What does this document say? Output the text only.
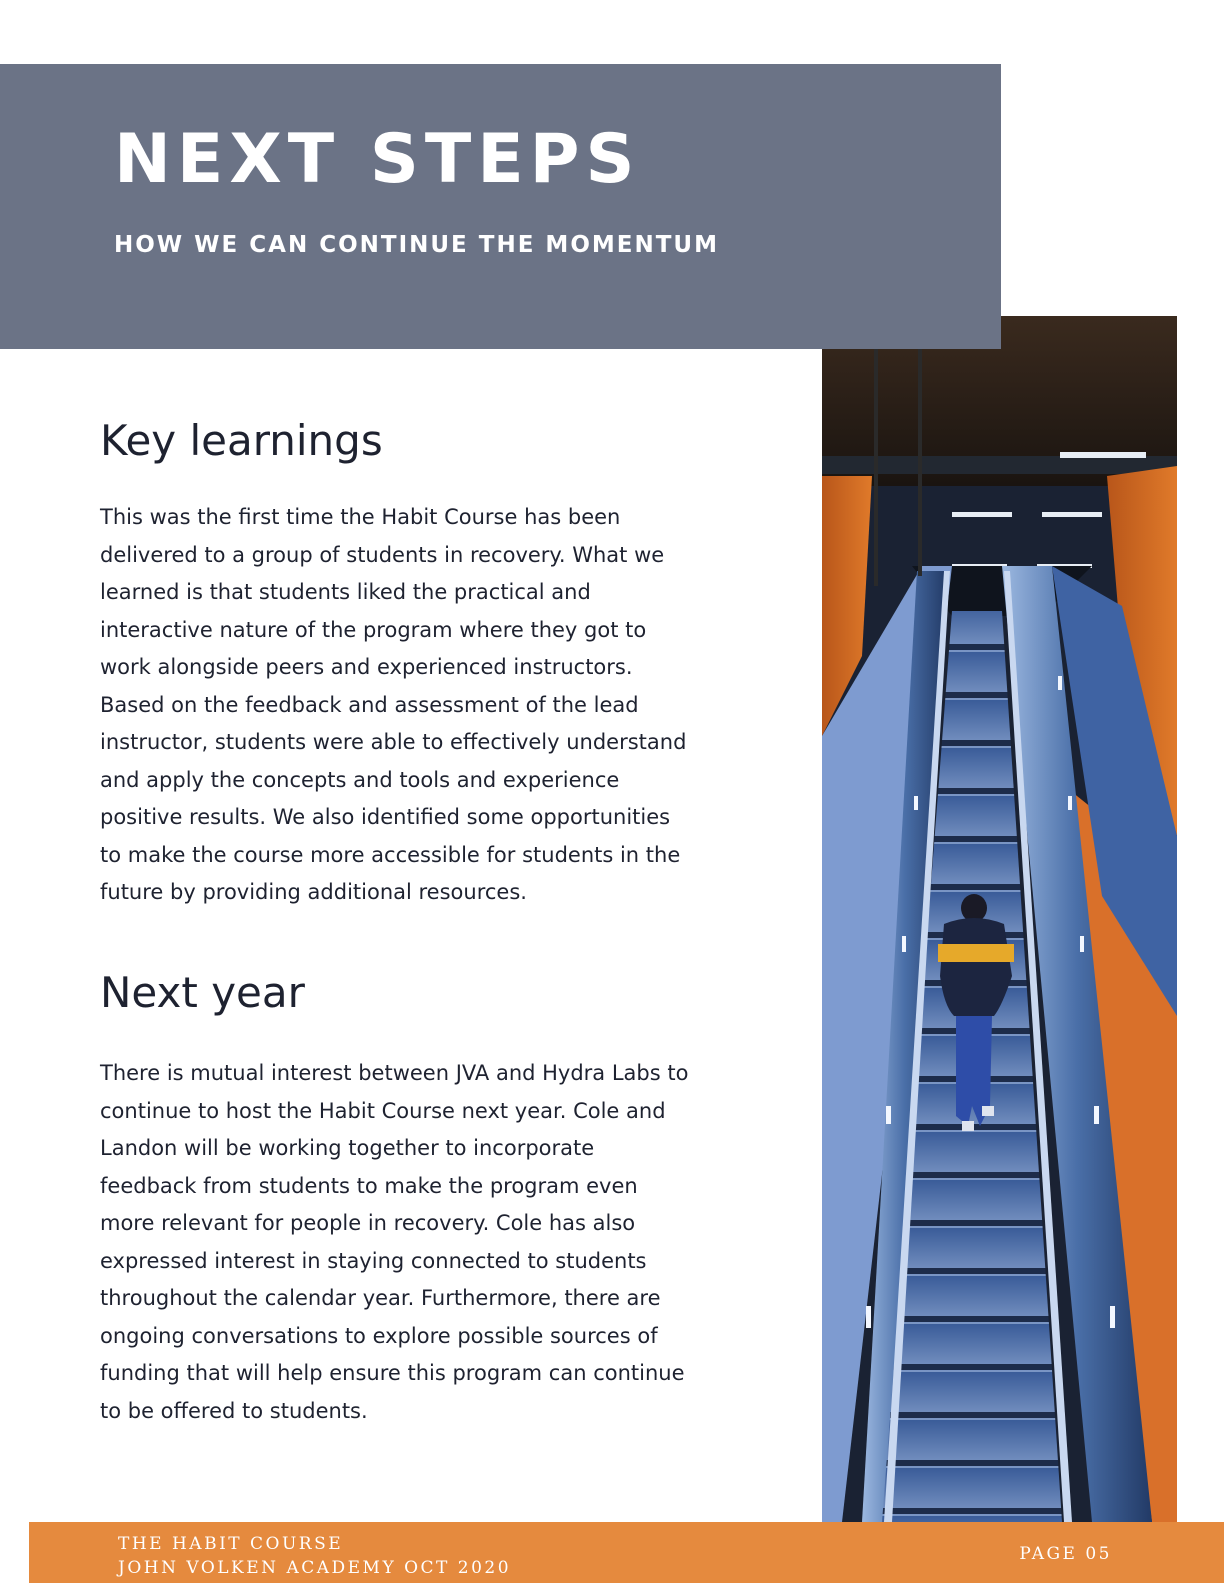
NEXT STEPS
HOW WE CAN CONTINUE THE MOMENTUM
Key learnings

This was the first time the Habit Course has been
delivered to a group of students in recovery. What we
learned is that students liked the practical and
interactive nature of the program where they got to
work alongside peers and experienced instructors.
Based on the feedback and assessment of the lead
instructor, students were able to effectively understand
and apply the concepts and tools and experience
positive results. We also identified some opportunities
to make the course more accessible for students in the
future by providing additional resources.

Next year

There is mutual interest between JVA and Hydra Labs to
continue to host the Habit Course next year. Cole and
Landon will be working together to incorporate
feedback from students to make the program even
more relevant for people in recovery. Cole has also
expressed interest in staying connected to students
throughout the calendar year. Furthermore, there are
ongoing conversations to explore possible sources of
funding that will help ensure this program can continue
to be offered to students.

THE HABIT COURSE
JOHN VOLKEN ACADEMY OCT 2020
PAGE 05
